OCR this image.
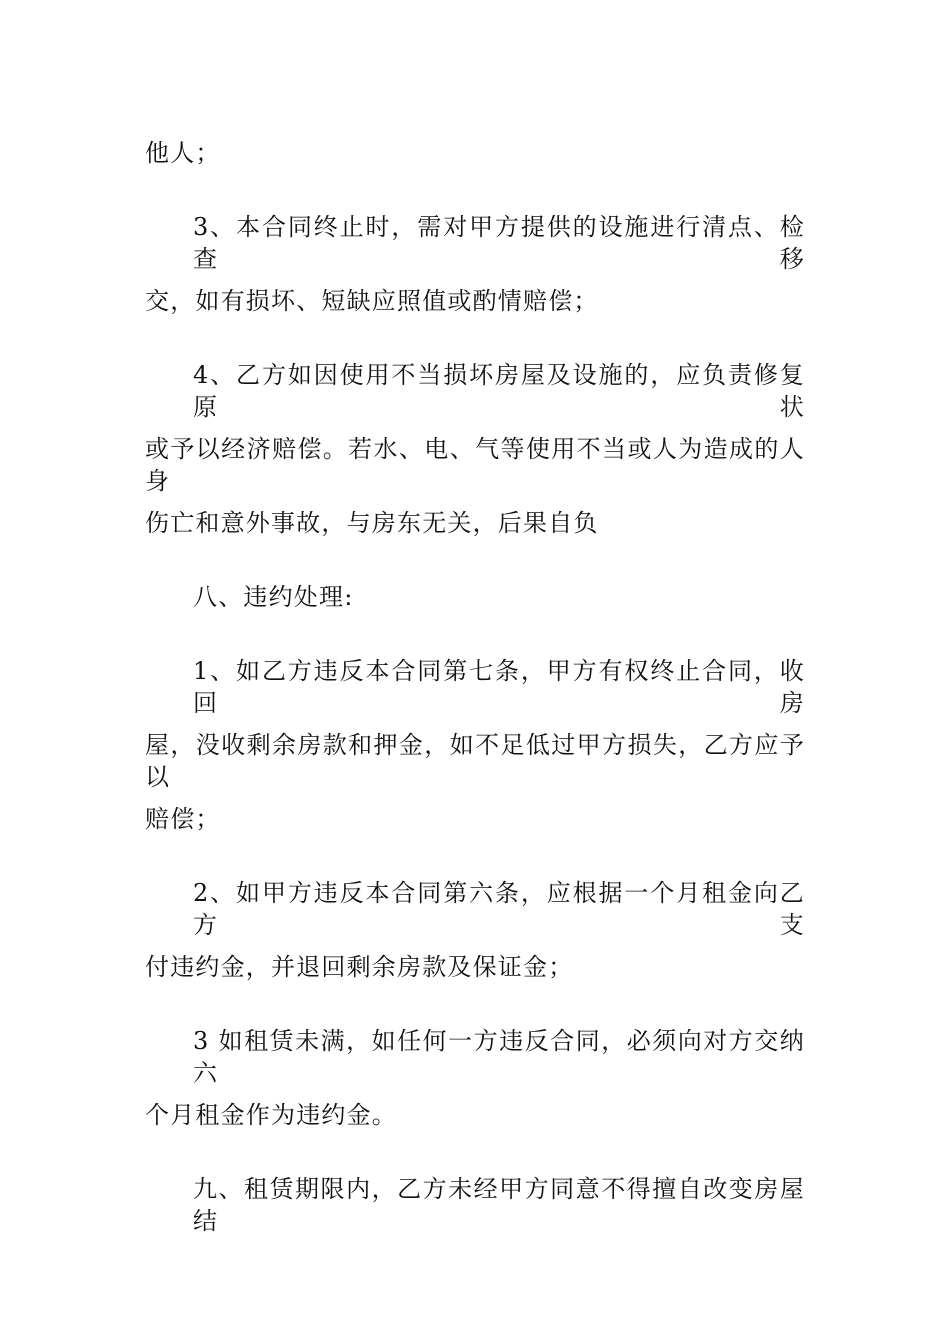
他人；
3、本合同终止时，需对甲方提供的设施进行清点、检查移
交，如有损坏、短缺应照值或酌情赔偿；
4、乙方如因使用不当损坏房屋及设施的，应负责修复原状
或予以经济赔偿。若水、电、气等使用不当或人为造成的人身
伤亡和意外事故，与房东无关，后果自负
八、违约处理:
1、如乙方违反本合同第七条，甲方有权终止合同，收回房
屋，没收剩余房款和押金，如不足低过甲方损失，乙方应予以
赔偿；
2、如甲方违反本合同第六条，应根据一个月租金向乙方支
付违约金，并退回剩余房款及保证金；
3 如租赁未满，如任何一方违反合同，必须向对方交纳六
个月租金作为违约金。
九、租赁期限内，乙方未经甲方同意不得擅自改变房屋结
